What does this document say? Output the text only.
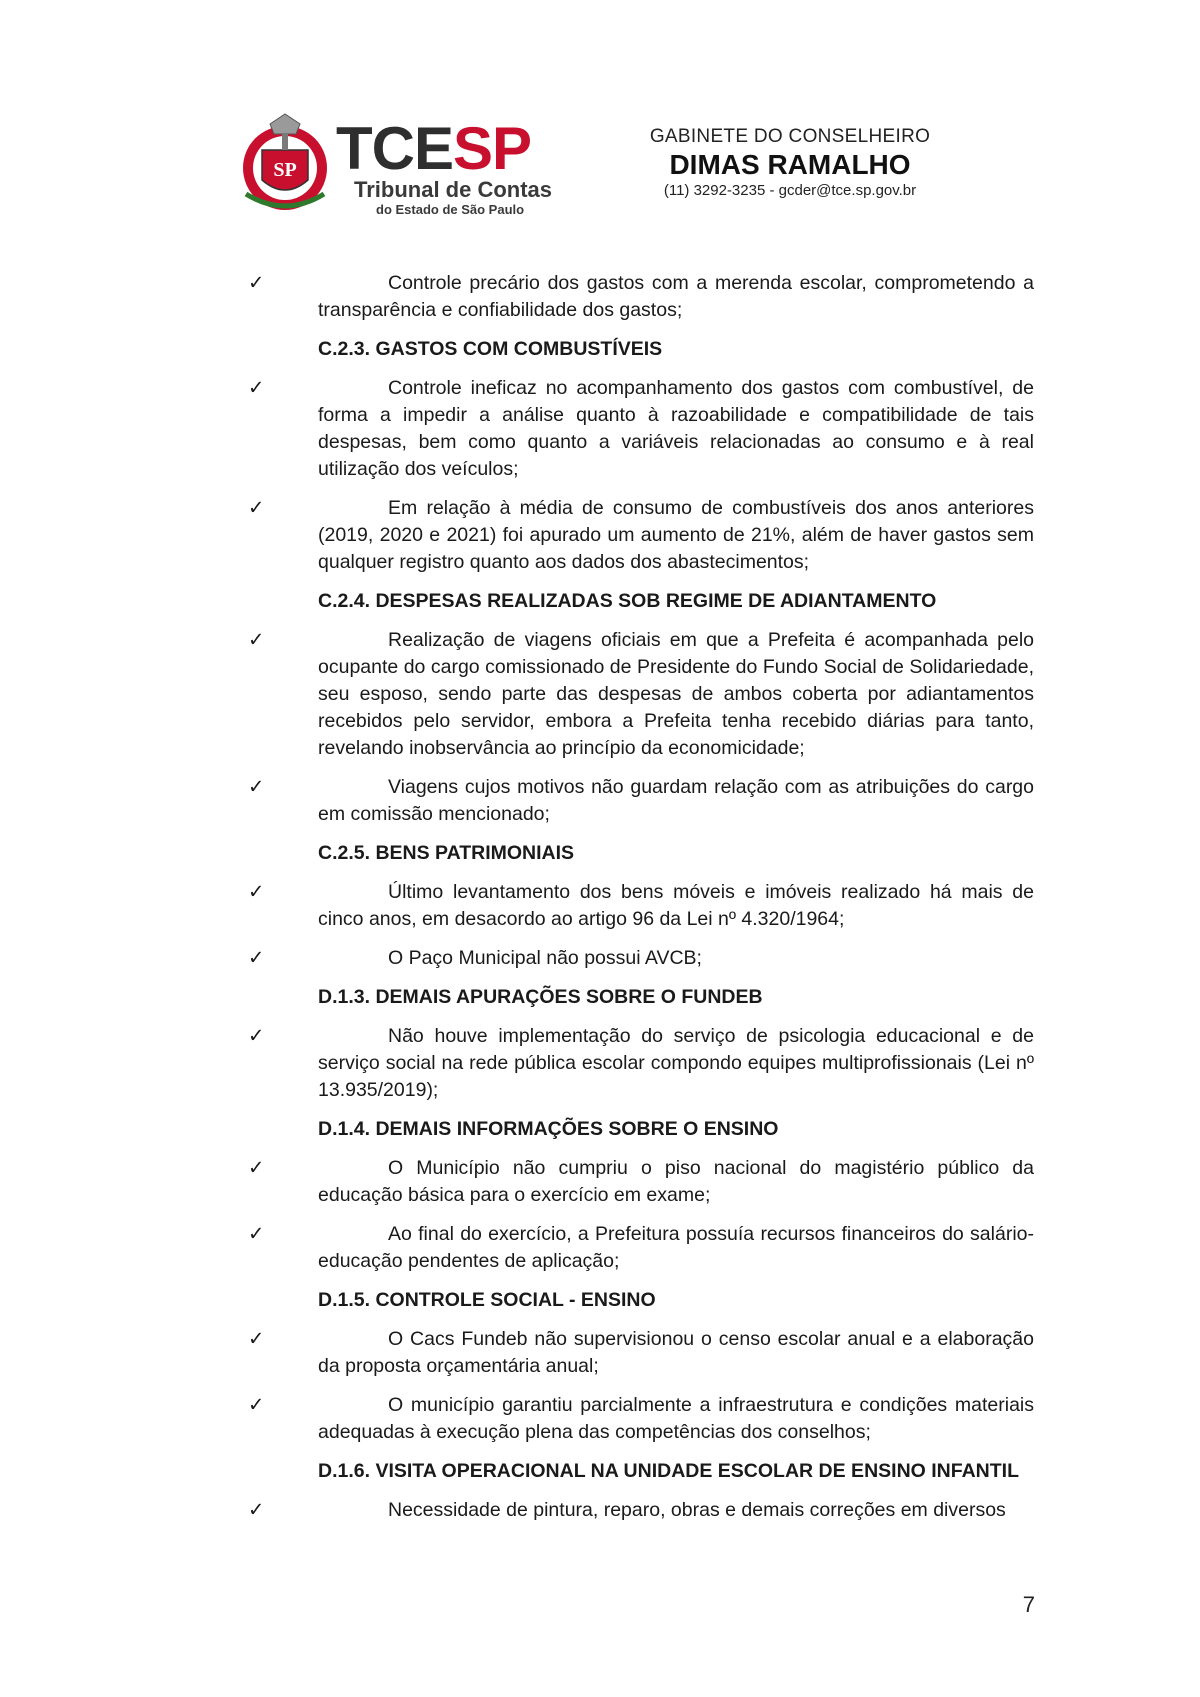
SP TCESP
Tribunal de Contas
do Estado de São Paulo
GABINETE DO CONSELHEIRO
DIMAS RAMALHO
(11) 3292-3235 - gcder@tce.sp.gov.br
✓	Controle precário dos gastos com a merenda escolar, comprometendo a transparência e confiabilidade dos gastos;
C.2.3. GASTOS COM COMBUSTÍVEIS
✓	Controle ineficaz no acompanhamento dos gastos com combustível, de forma a impedir a análise quanto à razoabilidade e compatibilidade de tais despesas, bem como quanto a variáveis relacionadas ao consumo e à real utilização dos veículos;
✓	Em relação à média de consumo de combustíveis dos anos anteriores (2019, 2020 e 2021) foi apurado um aumento de 21%, além de haver gastos sem qualquer registro quanto aos dados dos abastecimentos;
C.2.4. DESPESAS REALIZADAS SOB REGIME DE ADIANTAMENTO
✓	Realização de viagens oficiais em que a Prefeita é acompanhada pelo ocupante do cargo comissionado de Presidente do Fundo Social de Solidariedade, seu esposo, sendo parte das despesas de ambos coberta por adiantamentos recebidos pelo servidor, embora a Prefeita tenha recebido diárias para tanto, revelando inobservância ao princípio da economicidade;
✓	Viagens cujos motivos não guardam relação com as atribuições do cargo em comissão mencionado;
C.2.5. BENS PATRIMONIAIS
✓	Último levantamento dos bens móveis e imóveis realizado há mais de cinco anos, em desacordo ao artigo 96 da Lei nº 4.320/1964;
✓	O Paço Municipal não possui AVCB;
D.1.3. DEMAIS APURAÇÕES SOBRE O FUNDEB
✓	Não houve implementação do serviço de psicologia educacional e de serviço social na rede pública escolar compondo equipes multiprofissionais (Lei nº 13.935/2019);
D.1.4. DEMAIS INFORMAÇÕES SOBRE O ENSINO
✓	O Município não cumpriu o piso nacional do magistério público da educação básica para o exercício em exame;
✓	Ao final do exercício, a Prefeitura possuía recursos financeiros do salário-educação pendentes de aplicação;
D.1.5. CONTROLE SOCIAL - ENSINO
✓	O Cacs Fundeb não supervisionou o censo escolar anual e a elaboração da proposta orçamentária anual;
✓	O município garantiu parcialmente a infraestrutura e condições materiais adequadas à execução plena das competências dos conselhos;
D.1.6. VISITA OPERACIONAL NA UNIDADE ESCOLAR DE ENSINO INFANTIL
✓	Necessidade de pintura, reparo, obras e demais correções em diversos
7
